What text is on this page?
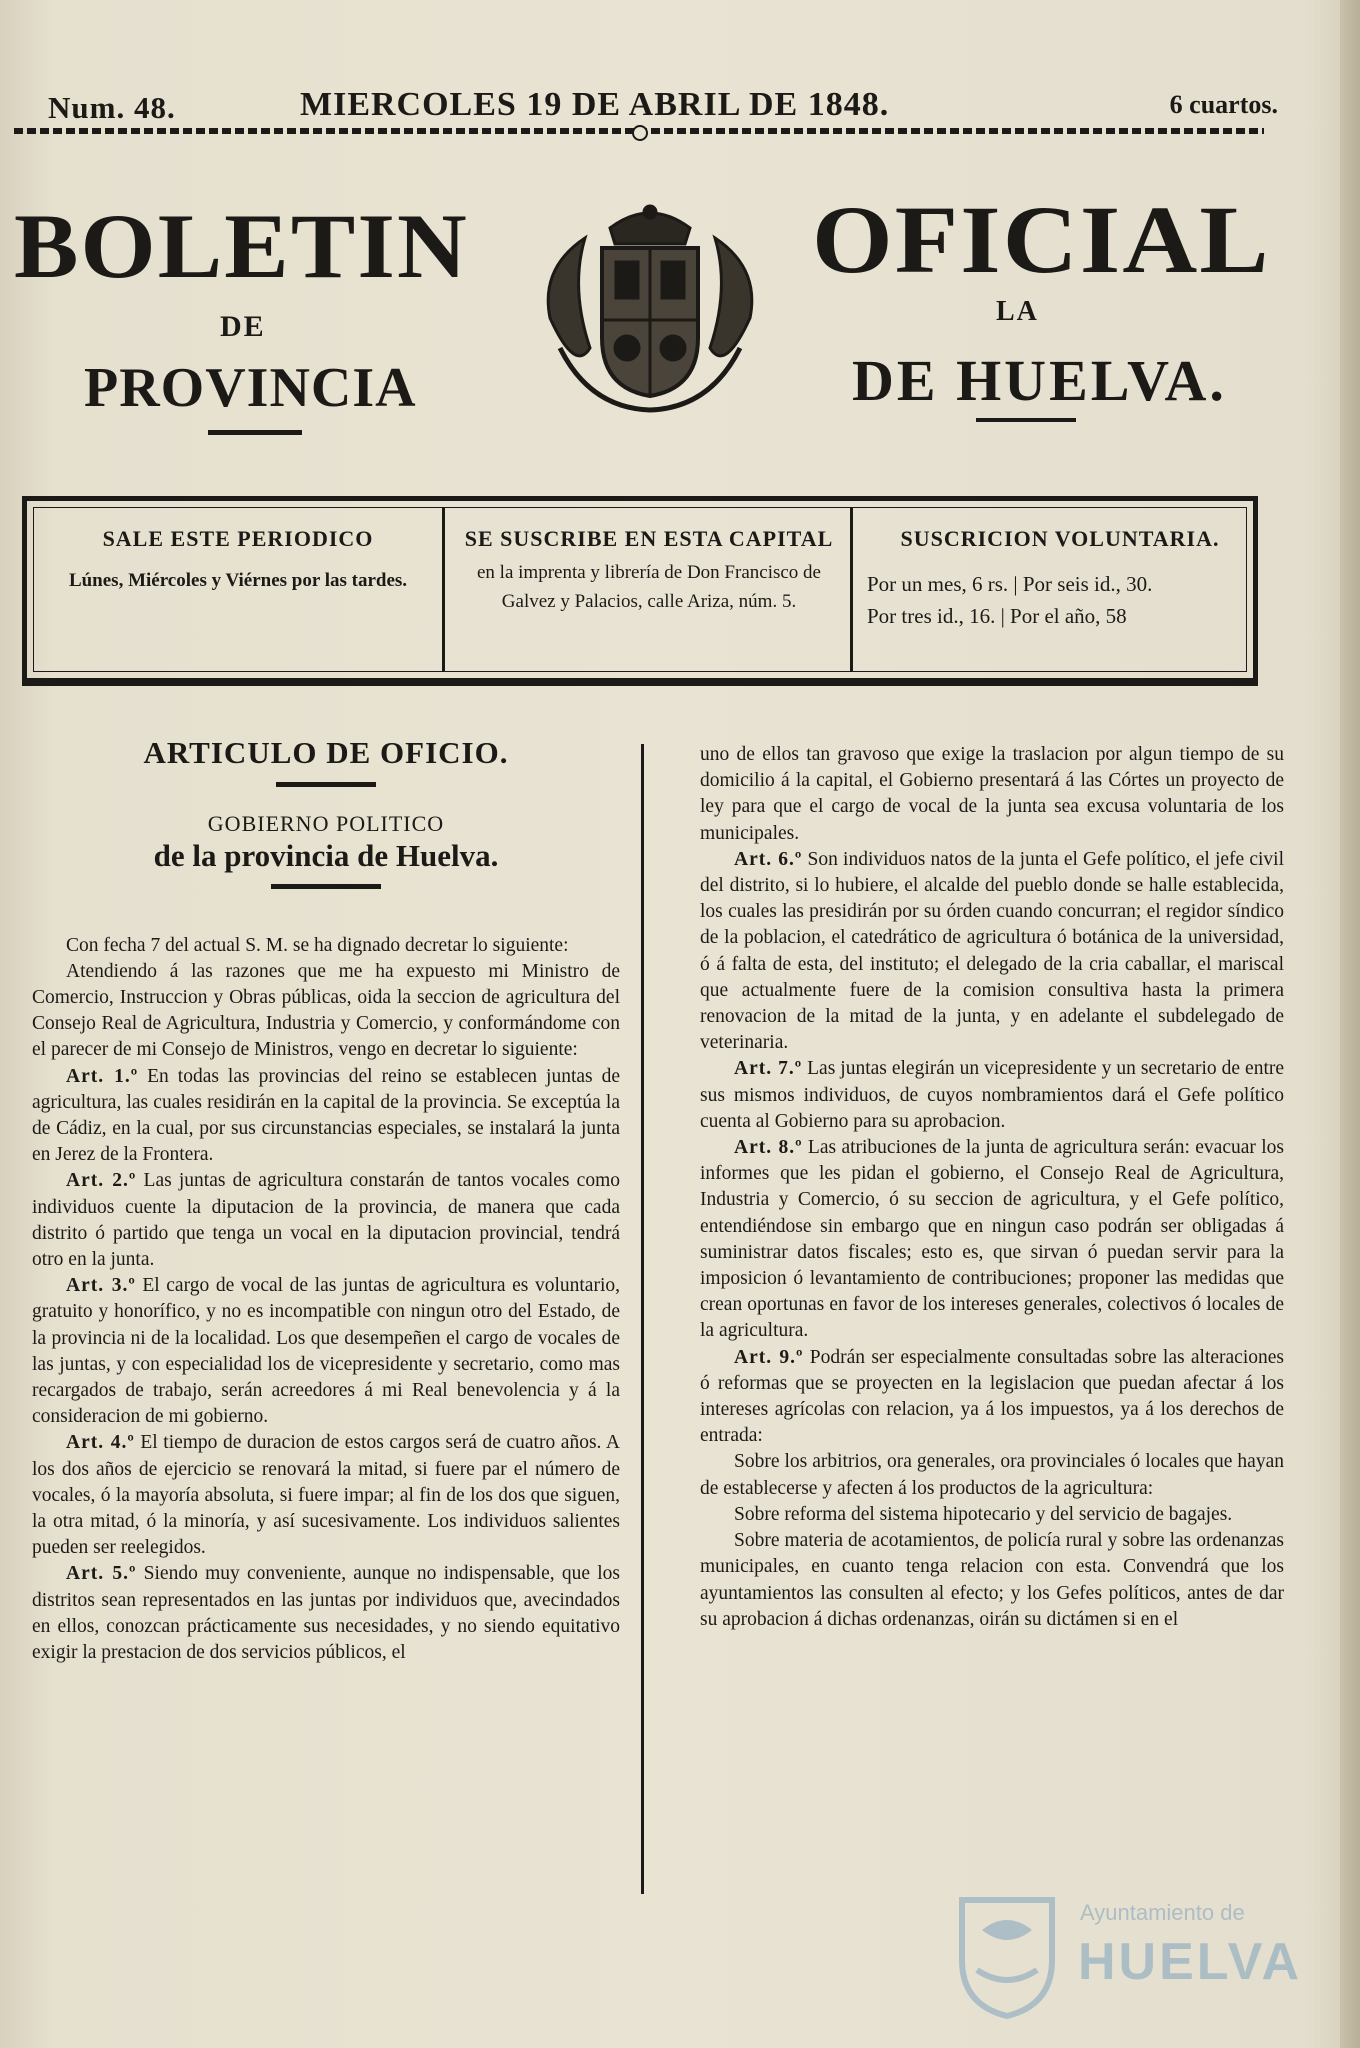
Num. 48.	MIERCOLES 19 DE ABRIL DE 1848.	6 cuartos.
BOLETIN	OFICIAL
DE
PROVINCIA
LA
DE HUELVA.
SALE ESTE PERIODICO

Lúnes, Miércoles y Viérnes por las tardes.

SE SUSCRIBE EN ESTA CAPITAL

en la imprenta y librería de Don Francisco de Galvez y Palacios, calle Ariza, núm. 5.

SUSCRICION VOLUNTARIA.
Por un mes, 6 rs. | Por seis id., 30.
Por tres id., 16. | Por el año, 58
ARTICULO DE OFICIO.

GOBIERNO POLITICO

de la provincia de Huelva.

Con fecha 7 del actual S. M. se ha dignado decretar lo siguiente:

Atendiendo á las razones que me ha expuesto mi Ministro de Comercio, Instruccion y Obras públicas, oida la seccion de agricultura del Consejo Real de Agricultura, Industria y Comercio, y conformándome con el parecer de mi Consejo de Ministros, vengo en decretar lo siguiente:

Art. 1.º En todas las provincias del reino se establecen juntas de agricultura, las cuales residirán en la capital de la provincia. Se exceptúa la de Cádiz, en la cual, por sus circunstancias especiales, se instalará la junta en Jerez de la Frontera.

Art. 2.º Las juntas de agricultura constarán de tantos vocales como individuos cuente la diputacion de la provincia, de manera que cada distrito ó partido que tenga un vocal en la diputacion provincial, tendrá otro en la junta.

Art. 3.º El cargo de vocal de las juntas de agricultura es voluntario, gratuito y honorífico, y no es incompatible con ningun otro del Estado, de la provincia ni de la localidad. Los que desempeñen el cargo de vocales de las juntas, y con especialidad los de vicepresidente y secretario, como mas recargados de trabajo, serán acreedores á mi Real benevolencia y á la consideracion de mi gobierno.

Art. 4.º El tiempo de duracion de estos cargos será de cuatro años. A los dos años de ejercicio se renovará la mitad, si fuere par el número de vocales, ó la mayoría absoluta, si fuere impar; al fin de los dos que siguen, la otra mitad, ó la minoría, y así sucesivamente. Los individuos salientes pueden ser reelegidos.

Art. 5.º Siendo muy conveniente, aunque no indispensable, que los distritos sean representados en las juntas por individuos que, avecindados en ellos, conozcan prácticamente sus necesidades, y no siendo equitativo exigir la prestacion de dos servicios públicos, el

uno de ellos tan gravoso que exige la traslacion por algun tiempo de su domicilio á la capital, el Gobierno presentará á las Córtes un proyecto de ley para que el cargo de vocal de la junta sea excusa voluntaria de los municipales.

Art. 6.º Son individuos natos de la junta el Gefe político, el jefe civil del distrito, si lo hubiere, el alcalde del pueblo donde se halle establecida, los cuales las presidirán por su órden cuando concurran; el regidor síndico de la poblacion, el catedrático de agricultura ó botánica de la universidad, ó á falta de esta, del instituto; el delegado de la cria caballar, el mariscal que actualmente fuere de la comision consultiva hasta la primera renovacion de la mitad de la junta, y en adelante el subdelegado de veterinaria.

Art. 7.º Las juntas elegirán un vicepresidente y un secretario de entre sus mismos individuos, de cuyos nombramientos dará el Gefe político cuenta al Gobierno para su aprobacion.

Art. 8.º Las atribuciones de la junta de agricultura serán: evacuar los informes que les pidan el gobierno, el Consejo Real de Agricultura, Industria y Comercio, ó su seccion de agricultura, y el Gefe político, entendiéndose sin embargo que en ningun caso podrán ser obligadas á suministrar datos fiscales; esto es, que sirvan ó puedan servir para la imposicion ó levantamiento de contribuciones; proponer las medidas que crean oportunas en favor de los intereses generales, colectivos ó locales de la agricultura.

Art. 9.º Podrán ser especialmente consultadas sobre las alteraciones ó reformas que se proyecten en la legislacion que puedan afectar á los intereses agrícolas con relacion, ya á los impuestos, ya á los derechos de entrada:

Sobre los arbitrios, ora generales, ora provinciales ó locales que hayan de establecerse y afecten á los productos de la agricultura:

Sobre reforma del sistema hipotecario y del servicio de bagajes.

Sobre materia de acotamientos, de policía rural y sobre las ordenanzas municipales, en cuanto tenga relacion con esta. Convendrá que los ayuntamientos las consulten al efecto; y los Gefes políticos, antes de dar su aprobacion á dichas ordenanzas, oirán su dictámen si en el

Ayuntamiento de
HUELVA
